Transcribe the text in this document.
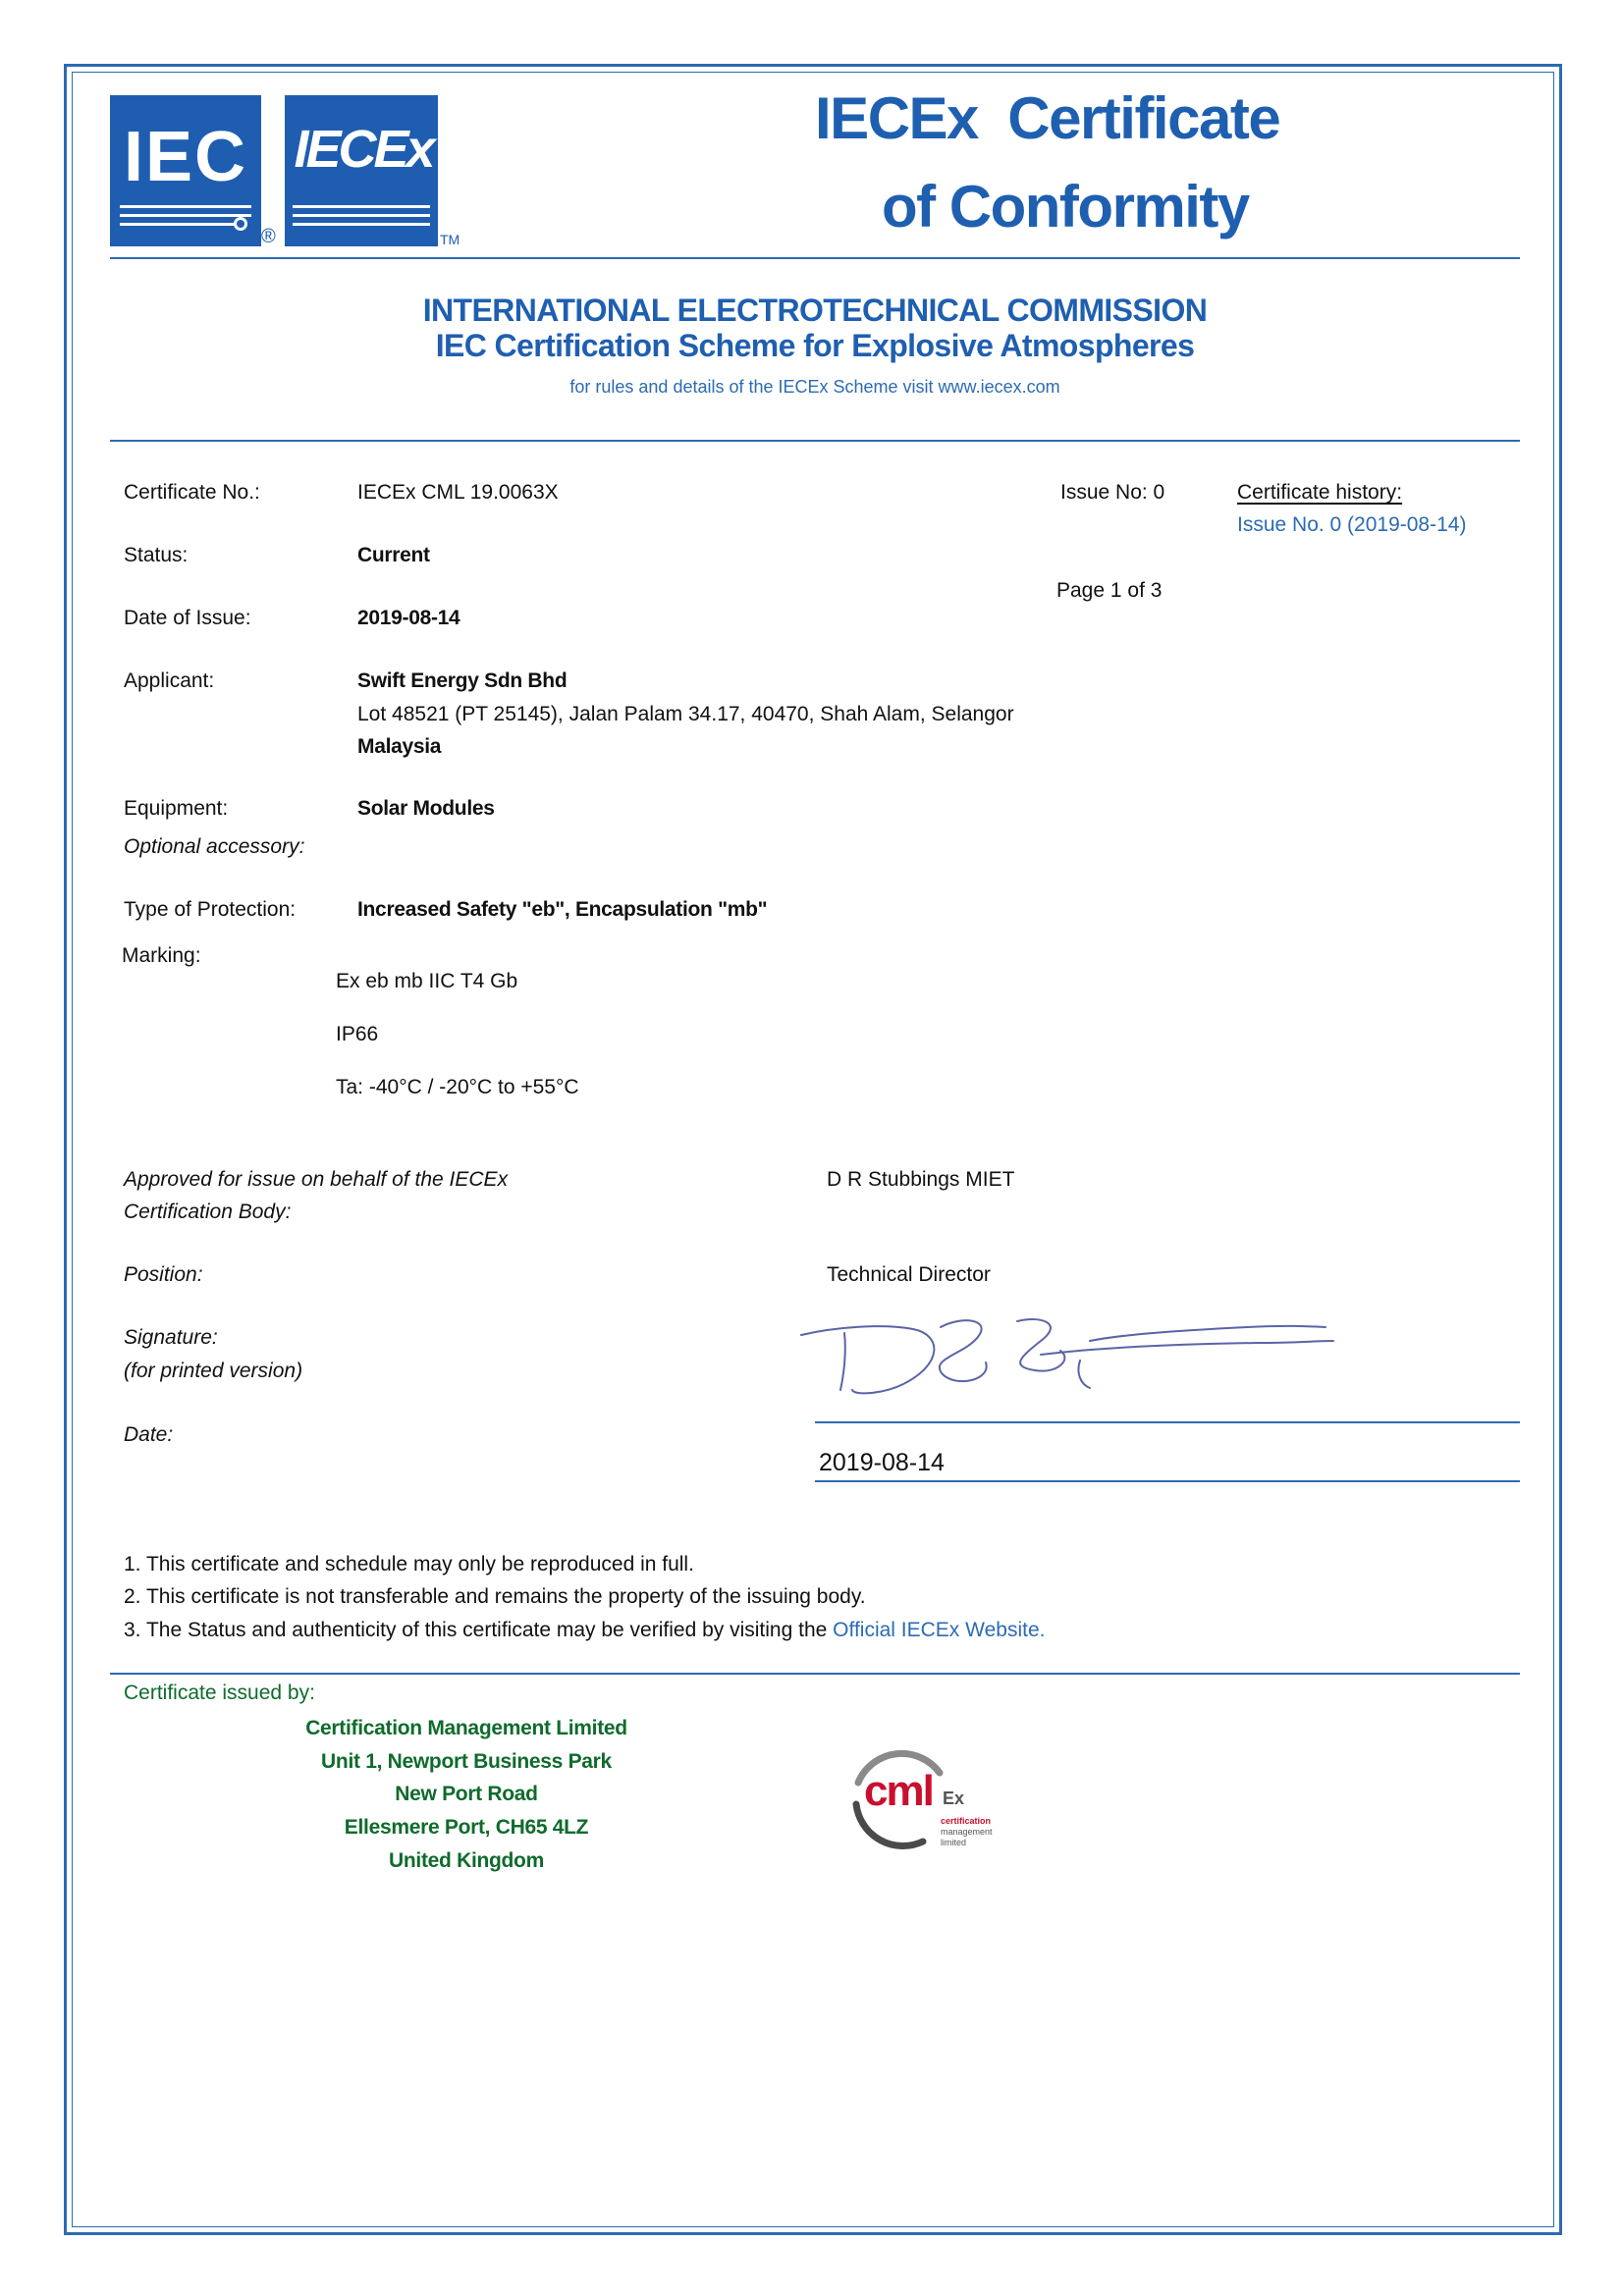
IEC
®
IECEx
TM
IECEx  Certificate
of Conformity
INTERNATIONAL ELECTROTECHNICAL COMMISSION
IEC Certification Scheme for Explosive Atmospheres
for rules and details of the IECEx Scheme visit www.iecex.com
Certificate No.:	IECEx CML 19.0063X	Issue No: 0	Certificate history:
Issue No. 0 (2019-08-14)
Status:	Current
Page 1 of 3
Date of Issue:	2019-08-14
Applicant:	Swift Energy Sdn Bhd
Lot 48521 (PT 25145), Jalan Palam 34.17, 40470, Shah Alam, Selangor
Malaysia
Equipment:	Solar Modules
Optional accessory:
Type of Protection:	Increased Safety "eb", Encapsulation "mb"
Marking:
Ex eb mb IIC T4 Gb
IP66
Ta: -40°C / -20°C to +55°C
Approved for issue on behalf of the IECEx
Certification Body:
D R Stubbings MIET
Position:	Technical Director
Signature:
(for printed version)
Date:
2019-08-14
1. This certificate and schedule may only be reproduced in full.
2. This certificate is not transferable and remains the property of the issuing body.
3. The Status and authenticity of this certificate may be verified by visiting the Official IECEx Website.
Certificate issued by:
Certification Management Limited
Unit 1, Newport Business Park
New Port Road
Ellesmere Port, CH65 4LZ
United Kingdom
cml Ex
certification
management
limited
